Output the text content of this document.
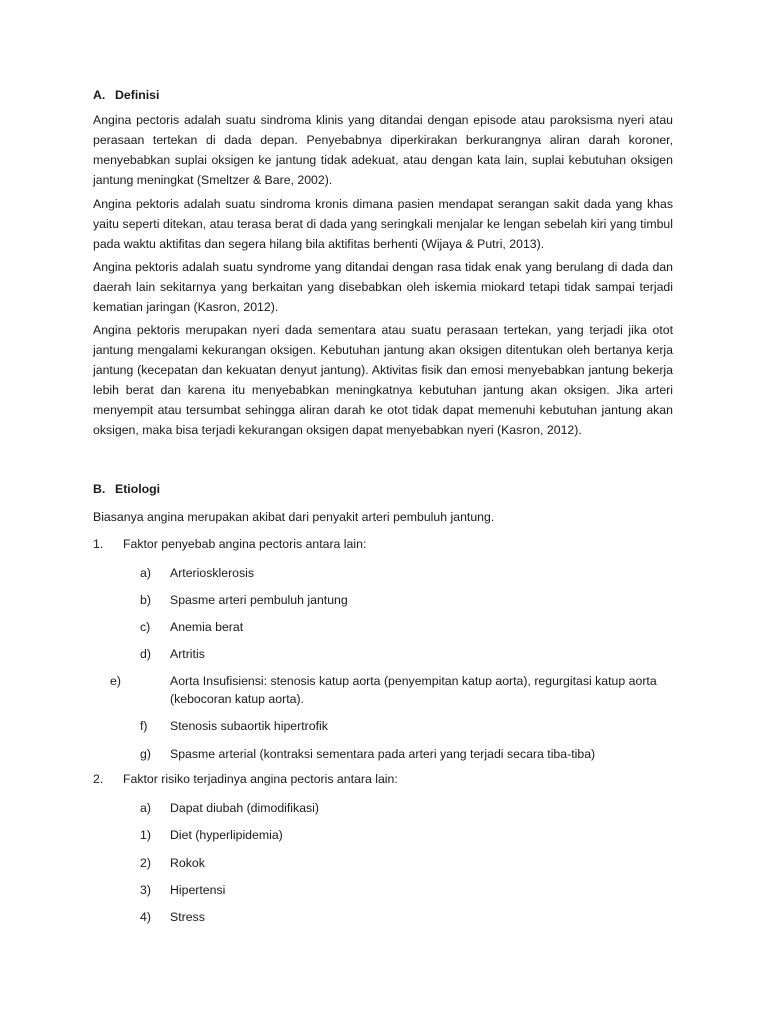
A. Definisi

Angina pectoris adalah suatu sindroma klinis yang ditandai dengan episode atau paroksisma nyeri atau perasaan tertekan di dada depan. Penyebabnya diperkirakan berkurangnya aliran darah koroner, menyebabkan suplai oksigen ke jantung tidak adekuat, atau dengan kata lain, suplai kebutuhan oksigen jantung meningkat (Smeltzer & Bare, 2002).

Angina pektoris adalah suatu sindroma kronis dimana pasien mendapat serangan sakit dada yang khas yaitu seperti ditekan, atau terasa berat di dada yang seringkali menjalar ke lengan sebelah kiri yang timbul pada waktu aktifitas dan segera hilang bila aktifitas berhenti (Wijaya & Putri, 2013).

Angina pektoris adalah suatu syndrome yang ditandai dengan rasa tidak enak yang berulang di dada dan daerah lain sekitarnya yang berkaitan yang disebabkan oleh iskemia miokard tetapi tidak sampai terjadi kematian jaringan (Kasron, 2012).

Angina pektoris merupakan nyeri dada sementara atau suatu perasaan tertekan, yang terjadi jika otot jantung mengalami kekurangan oksigen. Kebutuhan jantung akan oksigen ditentukan oleh bertanya kerja jantung (kecepatan dan kekuatan denyut jantung). Aktivitas fisik dan emosi menyebabkan jantung bekerja lebih berat dan karena itu menyebabkan meningkatnya kebutuhan jantung akan oksigen. Jika arteri menyempit atau tersumbat sehingga aliran darah ke otot tidak dapat memenuhi kebutuhan jantung akan oksigen, maka bisa terjadi kekurangan oksigen dapat menyebabkan nyeri (Kasron, 2012).

B. Etiologi

Biasanya angina merupakan akibat dari penyakit arteri pembuluh jantung.

1. Faktor penyebab angina pectoris antara lain:

a) Arteriosklerosis

b) Spasme arteri pembuluh jantung

c) Anemia berat

d) Artritis

e)	Aorta Insufisiensi: stenosis katup aorta (penyempitan katup aorta), regurgitasi katup aorta (kebocoran katup aorta).

f) Stenosis subaortik hipertrofik

g) Spasme arterial (kontraksi sementara pada arteri yang terjadi secara tiba-tiba)

2. Faktor risiko terjadinya angina pectoris antara lain:

a) Dapat diubah (dimodifikasi)

1) Diet (hyperlipidemia)

2) Rokok

3) Hipertensi

4) Stress
